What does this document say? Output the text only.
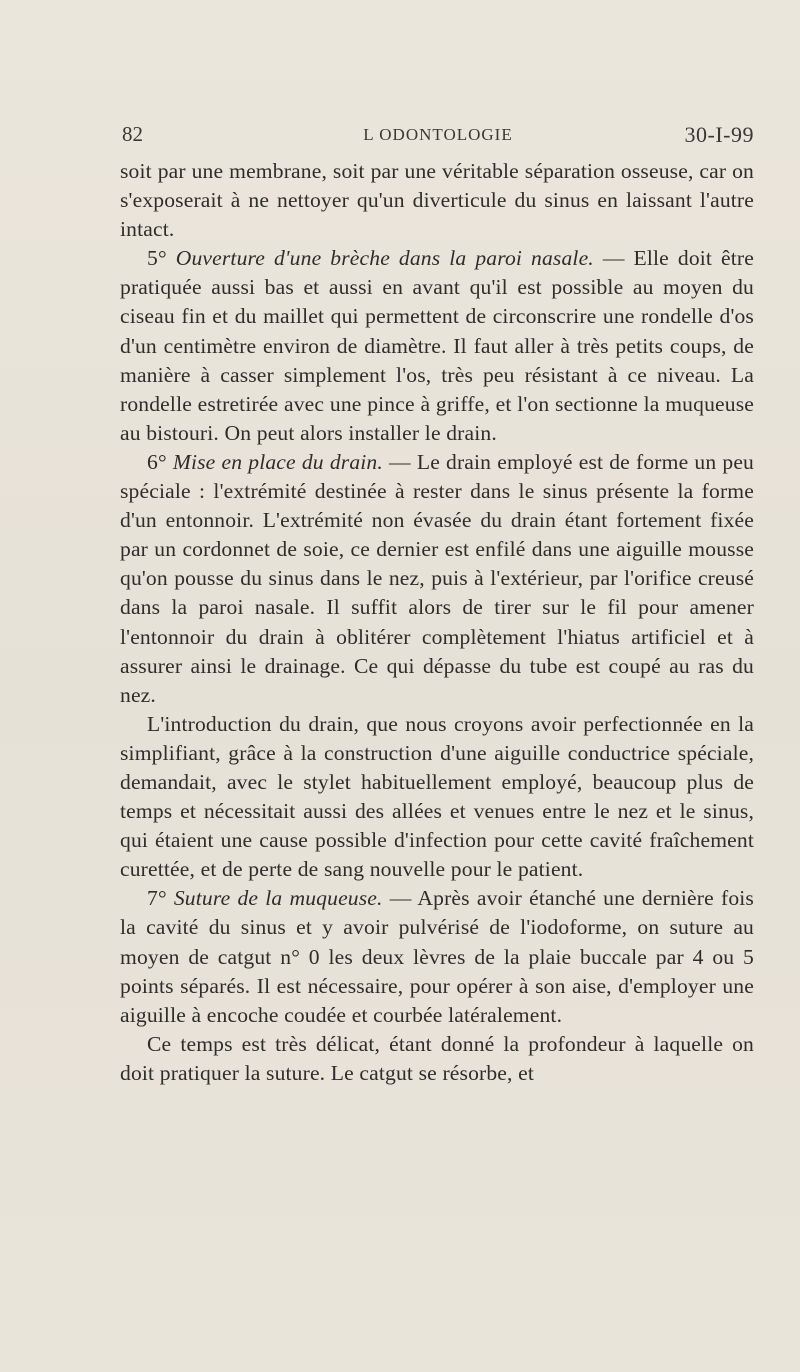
82	L ODONTOLOGIE	30-I-99

soit par une membrane, soit par une véritable séparation osseuse, car on s'exposerait à ne nettoyer qu'un diverticule du sinus en laissant l'autre intact.

5° Ouverture d'une brèche dans la paroi nasale. — Elle doit être pratiquée aussi bas et aussi en avant qu'il est possible au moyen du ciseau fin et du maillet qui permettent de circonscrire une rondelle d'os d'un centimètre environ de diamètre. Il faut aller à très petits coups, de manière à casser simplement l'os, très peu résistant à ce niveau. La rondelle estretirée avec une pince à griffe, et l'on sectionne la muqueuse au bistouri. On peut alors installer le drain.

6° Mise en place du drain. — Le drain employé est de forme un peu spéciale : l'extrémité destinée à rester dans le sinus présente la forme d'un entonnoir. L'extrémité non évasée du drain étant fortement fixée par un cordonnet de soie, ce dernier est enfilé dans une aiguille mousse qu'on pousse du sinus dans le nez, puis à l'extérieur, par l'orifice creusé dans la paroi nasale. Il suffit alors de tirer sur le fil pour amener l'entonnoir du drain à oblitérer complètement l'hiatus artificiel et à assurer ainsi le drainage. Ce qui dépasse du tube est coupé au ras du nez.

L'introduction du drain, que nous croyons avoir perfectionnée en la simplifiant, grâce à la construction d'une aiguille conductrice spéciale, demandait, avec le stylet habituellement employé, beaucoup plus de temps et nécessitait aussi des allées et venues entre le nez et le sinus, qui étaient une cause possible d'infection pour cette cavité fraîchement curettée, et de perte de sang nouvelle pour le patient.

7° Suture de la muqueuse. — Après avoir étanché une dernière fois la cavité du sinus et y avoir pulvérisé de l'iodoforme, on suture au moyen de catgut n° 0 les deux lèvres de la plaie buccale par 4 ou 5 points séparés. Il est nécessaire, pour opérer à son aise, d'employer une aiguille à encoche coudée et courbée latéralement.

Ce temps est très délicat, étant donné la profondeur à laquelle on doit pratiquer la suture. Le catgut se résorbe, et
